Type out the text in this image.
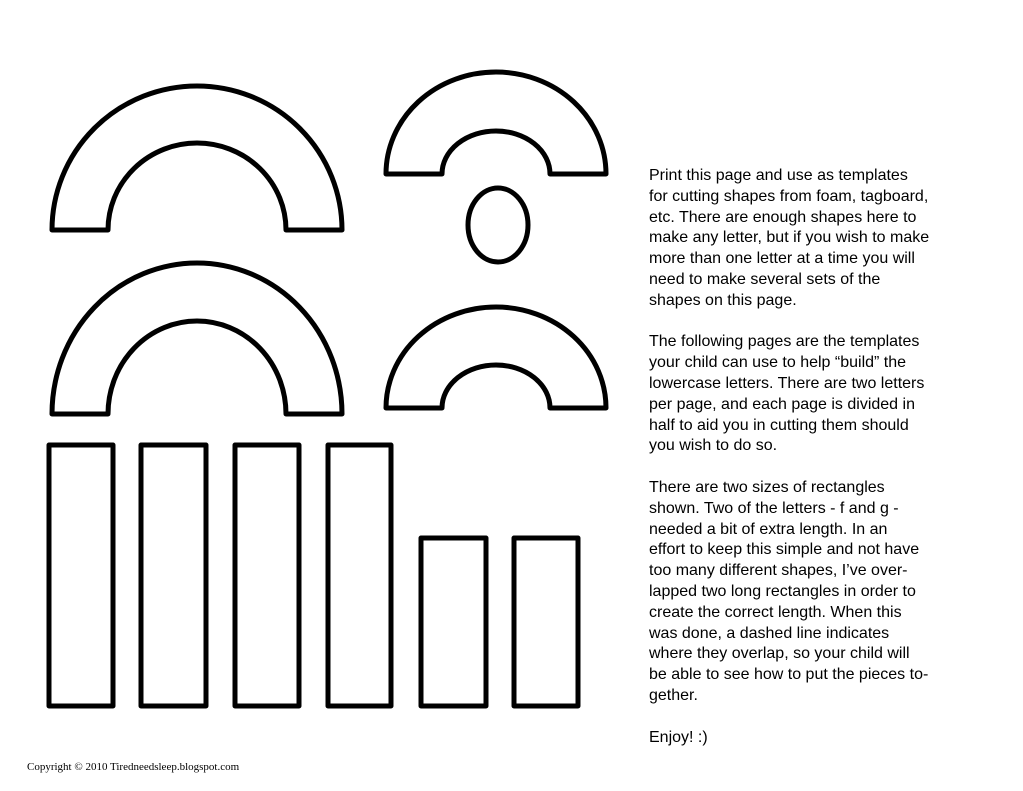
Print this page and use as templates
for cutting shapes from foam, tagboard,
etc. There are enough shapes here to
make any letter, but if you wish to make
more than one letter at a time you will
need to make several sets of the
shapes on this page.

The following pages are the templates
your child can use to help “build” the
lowercase letters. There are two letters
per page, and each page is divided in
half to aid you in cutting them should
you wish to do so.

There are two sizes of rectangles
shown. Two of the letters - f and g -
needed a bit of extra length. In an
effort to keep this simple and not have
too many different shapes, I’ve over-
lapped two long rectangles in order to
create the correct length. When this
was done, a dashed line indicates
where they overlap, so your child will
be able to see how to put the pieces to-
gether.

Enjoy! :)

Copyright © 2010 Tiredneedsleep.blogspot.com
